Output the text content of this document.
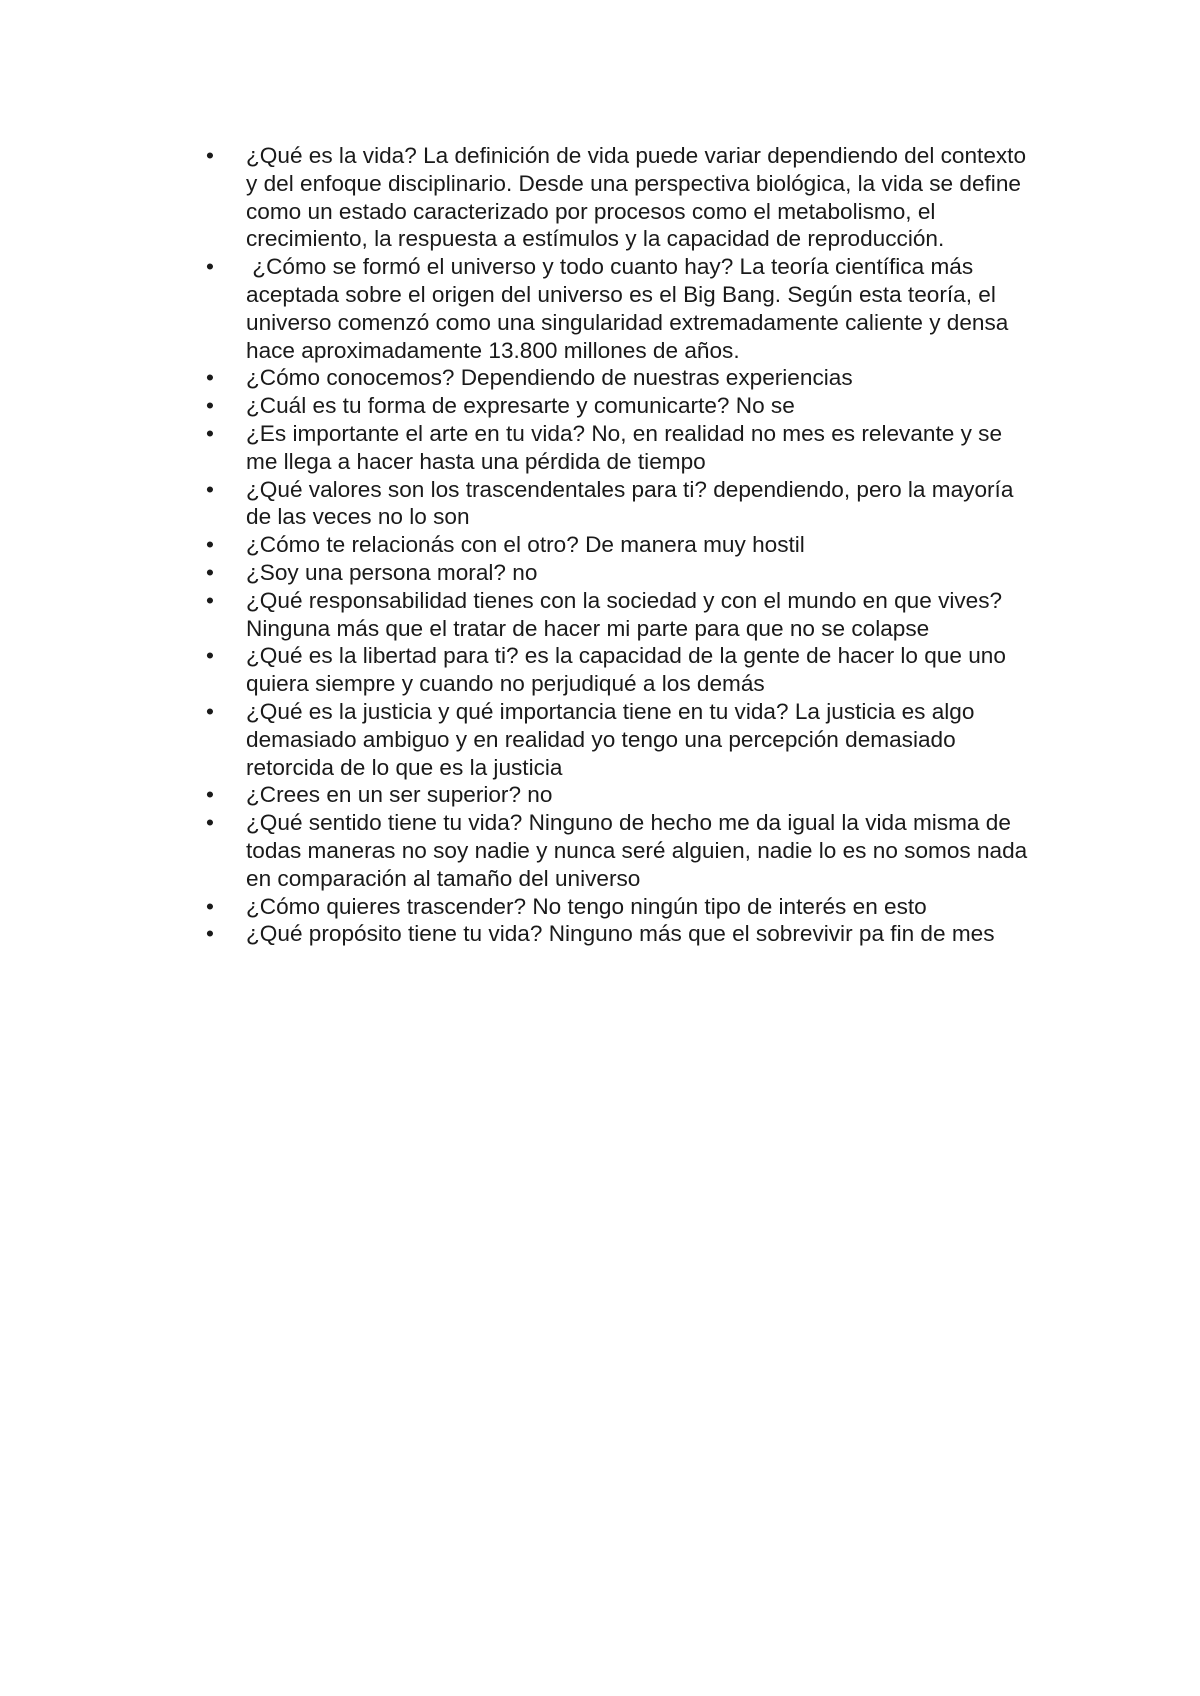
•	¿Qué es la vida? La definición de vida puede variar dependiendo del contexto y del enfoque disciplinario. Desde una perspectiva biológica, la vida se define como un estado caracterizado por procesos como el metabolismo, el crecimiento, la respuesta a estímulos y la capacidad de reproducción.
•	¿Cómo se formó el universo y todo cuanto hay? La teoría científica más aceptada sobre el origen del universo es el Big Bang. Según esta teoría, el universo comenzó como una singularidad extremadamente caliente y densa hace aproximadamente 13.800 millones de años.
•	¿Cómo conocemos? Dependiendo de nuestras experiencias
•	¿Cuál es tu forma de expresarte y comunicarte? No se
•	¿Es importante el arte en tu vida? No, en realidad no mes es relevante y se me llega a hacer hasta una pérdida de tiempo
•	¿Qué valores son los trascendentales para ti? dependiendo, pero la mayoría de las veces no lo son
•	¿Cómo te relacionás con el otro? De manera muy hostil
•	¿Soy una persona moral? no
•	¿Qué responsabilidad tienes con la sociedad y con el mundo en que vives? Ninguna más que el tratar de hacer mi parte para que no se colapse
•	¿Qué es la libertad para ti? es la capacidad de la gente de hacer lo que uno quiera siempre y cuando no perjudiqué a los demás
•	¿Qué es la justicia y qué importancia tiene en tu vida? La justicia es algo demasiado ambiguo y en realidad yo tengo una percepción demasiado retorcida de lo que es la justicia
•	¿Crees en un ser superior? no
•	¿Qué sentido tiene tu vida? Ninguno de hecho me da igual la vida misma de todas maneras no soy nadie y nunca seré alguien, nadie lo es no somos nada en comparación al tamaño del universo
•	¿Cómo quieres trascender? No tengo ningún tipo de interés en esto
•	¿Qué propósito tiene tu vida? Ninguno más que el sobrevivir pa fin de mes
